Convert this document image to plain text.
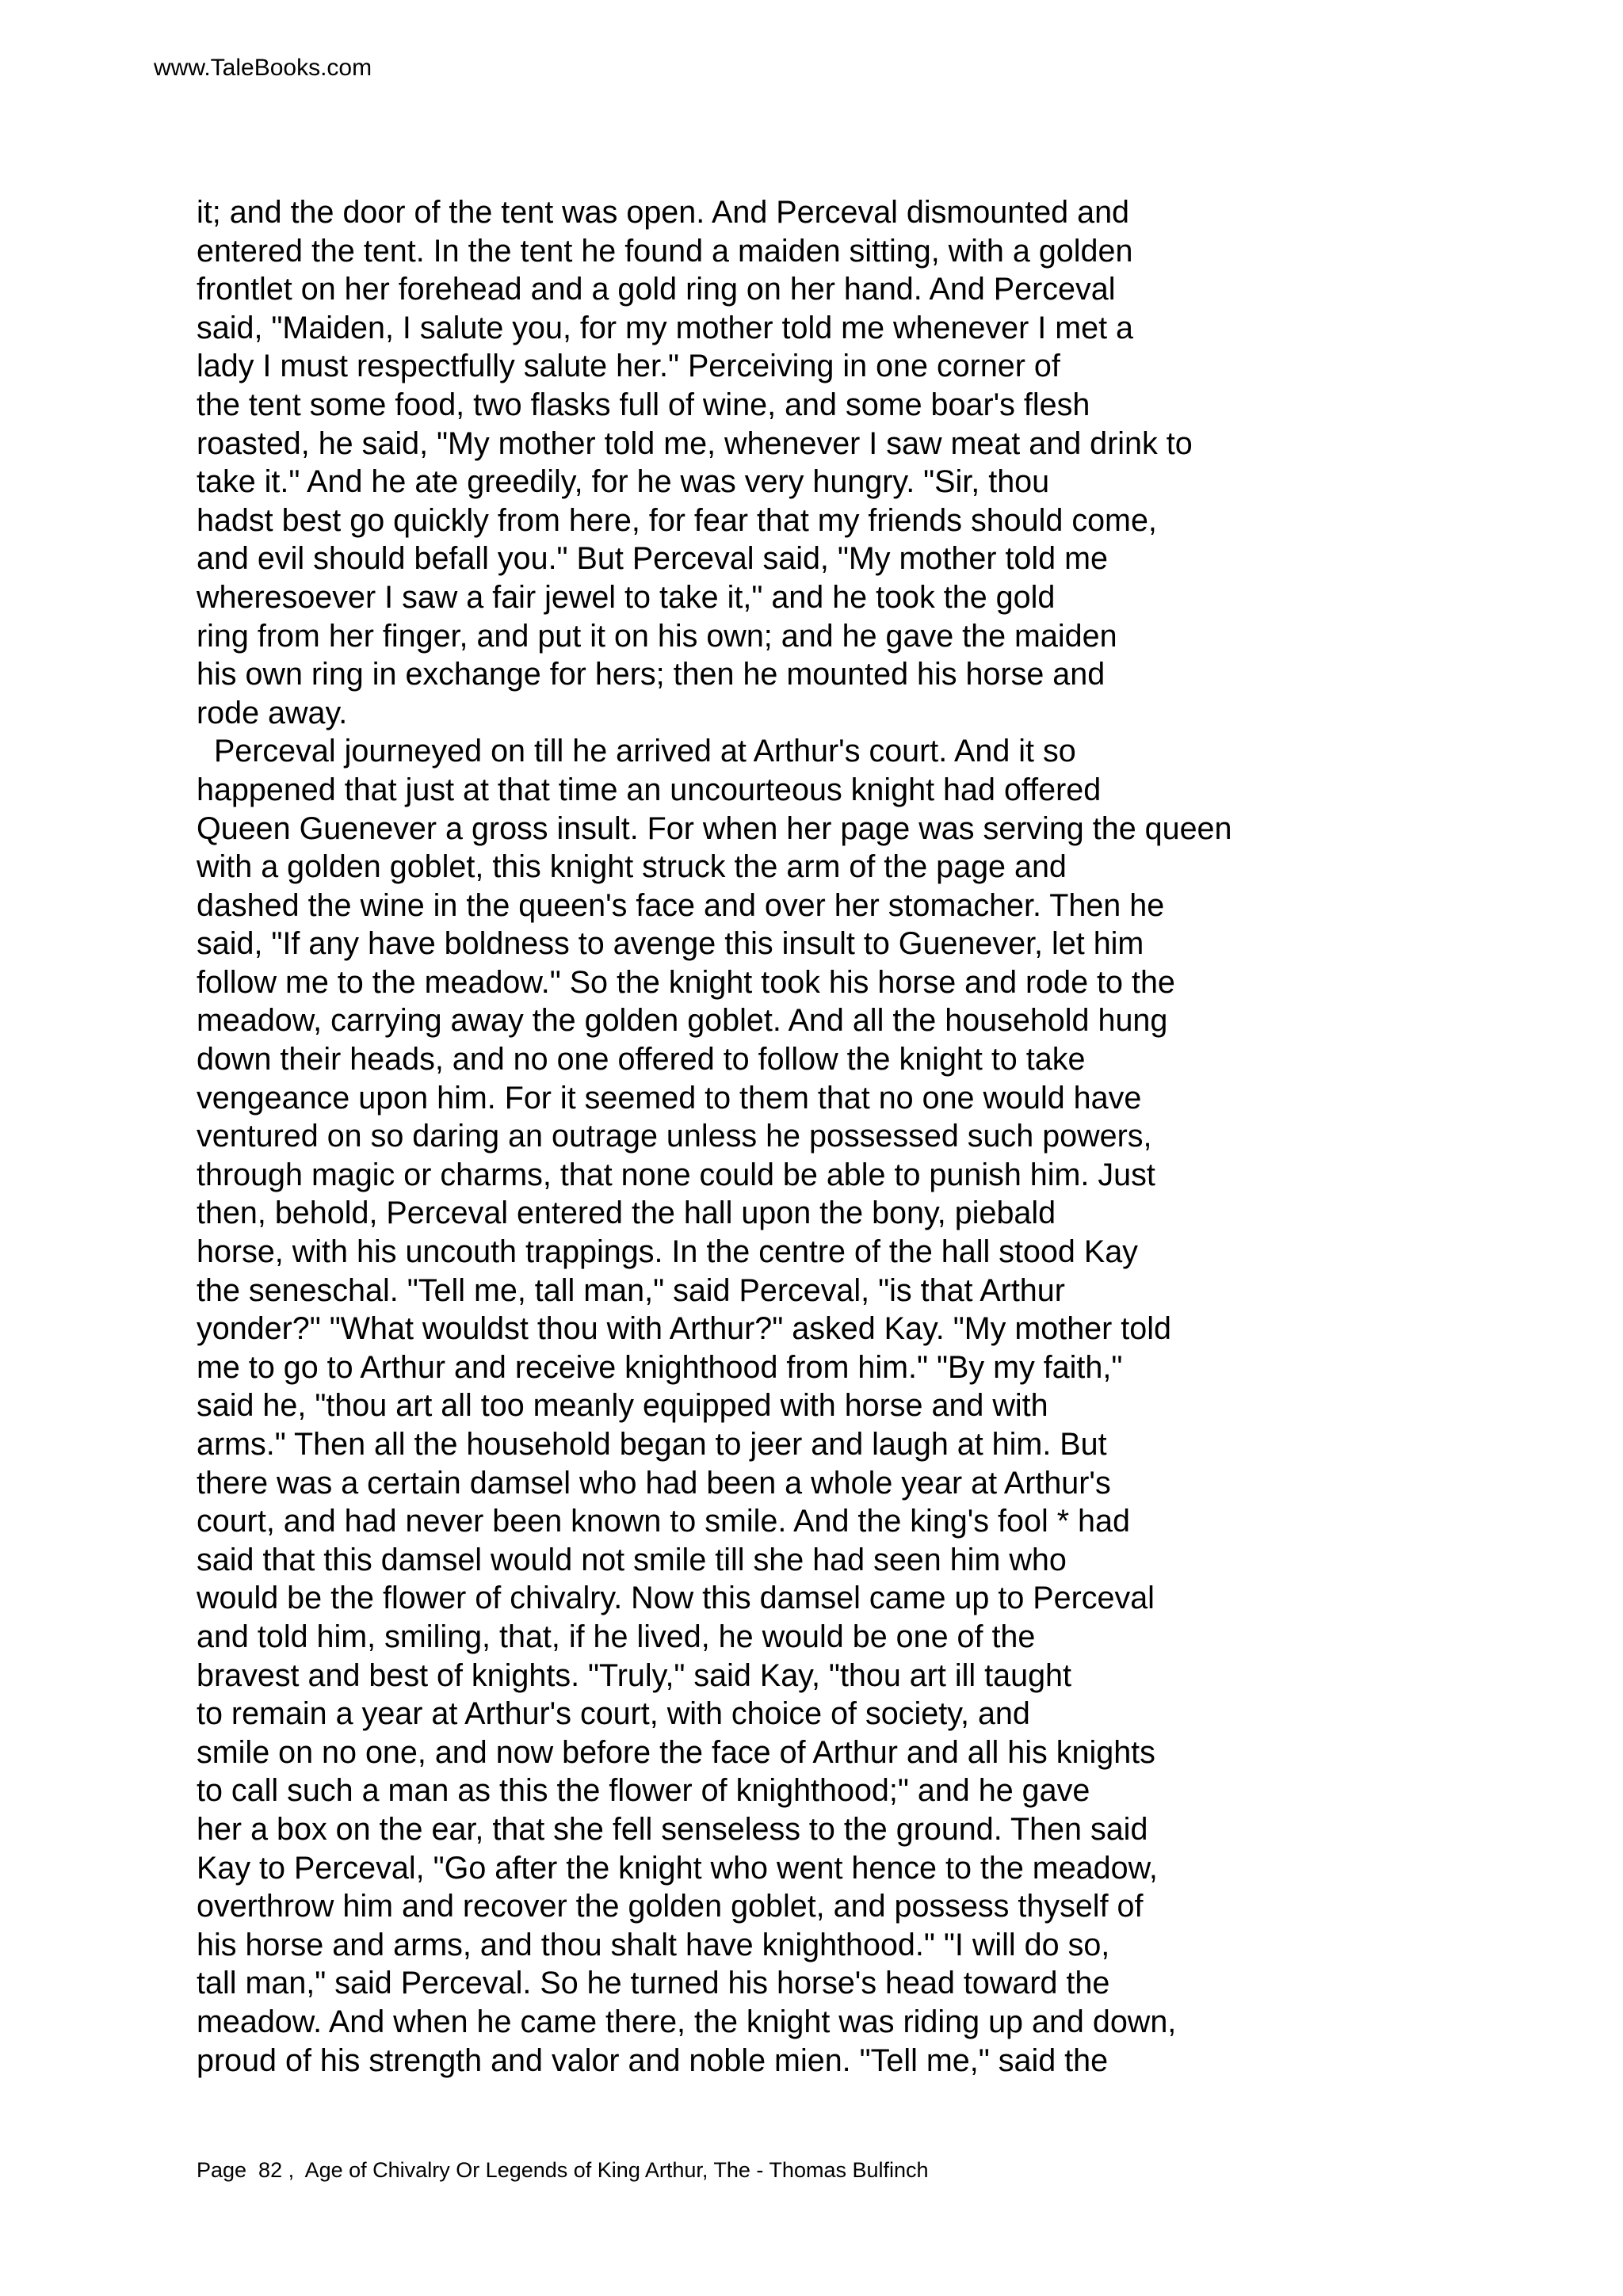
www.TaleBooks.com
it; and the door of the tent was open. And Perceval dismounted and
entered the tent. In the tent he found a maiden sitting, with a golden
frontlet on her forehead and a gold ring on her hand. And Perceval
said, "Maiden, I salute you, for my mother told me whenever I met a
lady I must respectfully salute her." Perceiving in one corner of
the tent some food, two flasks full of wine, and some boar's flesh
roasted, he said, "My mother told me, whenever I saw meat and drink to
take it." And he ate greedily, for he was very hungry. "Sir, thou
hadst best go quickly from here, for fear that my friends should come,
and evil should befall you." But Perceval said, "My mother told me
wheresoever I saw a fair jewel to take it," and he took the gold
ring from her finger, and put it on his own; and he gave the maiden
his own ring in exchange for hers; then he mounted his horse and
rode away.
Perceval journeyed on till he arrived at Arthur's court. And it so
happened that just at that time an uncourteous knight had offered
Queen Guenever a gross insult. For when her page was serving the queen
with a golden goblet, this knight struck the arm of the page and
dashed the wine in the queen's face and over her stomacher. Then he
said, "If any have boldness to avenge this insult to Guenever, let him
follow me to the meadow." So the knight took his horse and rode to the
meadow, carrying away the golden goblet. And all the household hung
down their heads, and no one offered to follow the knight to take
vengeance upon him. For it seemed to them that no one would have
ventured on so daring an outrage unless he possessed such powers,
through magic or charms, that none could be able to punish him. Just
then, behold, Perceval entered the hall upon the bony, piebald
horse, with his uncouth trappings. In the centre of the hall stood Kay
the seneschal. "Tell me, tall man," said Perceval, "is that Arthur
yonder?" "What wouldst thou with Arthur?" asked Kay. "My mother told
me to go to Arthur and receive knighthood from him." "By my faith,"
said he, "thou art all too meanly equipped with horse and with
arms." Then all the household began to jeer and laugh at him. But
there was a certain damsel who had been a whole year at Arthur's
court, and had never been known to smile. And the king's fool * had
said that this damsel would not smile till she had seen him who
would be the flower of chivalry. Now this damsel came up to Perceval
and told him, smiling, that, if he lived, he would be one of the
bravest and best of knights. "Truly," said Kay, "thou art ill taught
to remain a year at Arthur's court, with choice of society, and
smile on no one, and now before the face of Arthur and all his knights
to call such a man as this the flower of knighthood;" and he gave
her a box on the ear, that she fell senseless to the ground. Then said
Kay to Perceval, "Go after the knight who went hence to the meadow,
overthrow him and recover the golden goblet, and possess thyself of
his horse and arms, and thou shalt have knighthood." "I will do so,
tall man," said Perceval. So he turned his horse's head toward the
meadow. And when he came there, the knight was riding up and down,
proud of his strength and valor and noble mien. "Tell me," said the
Page  82 ,  Age of Chivalry Or Legends of King Arthur, The - Thomas Bulfinch
